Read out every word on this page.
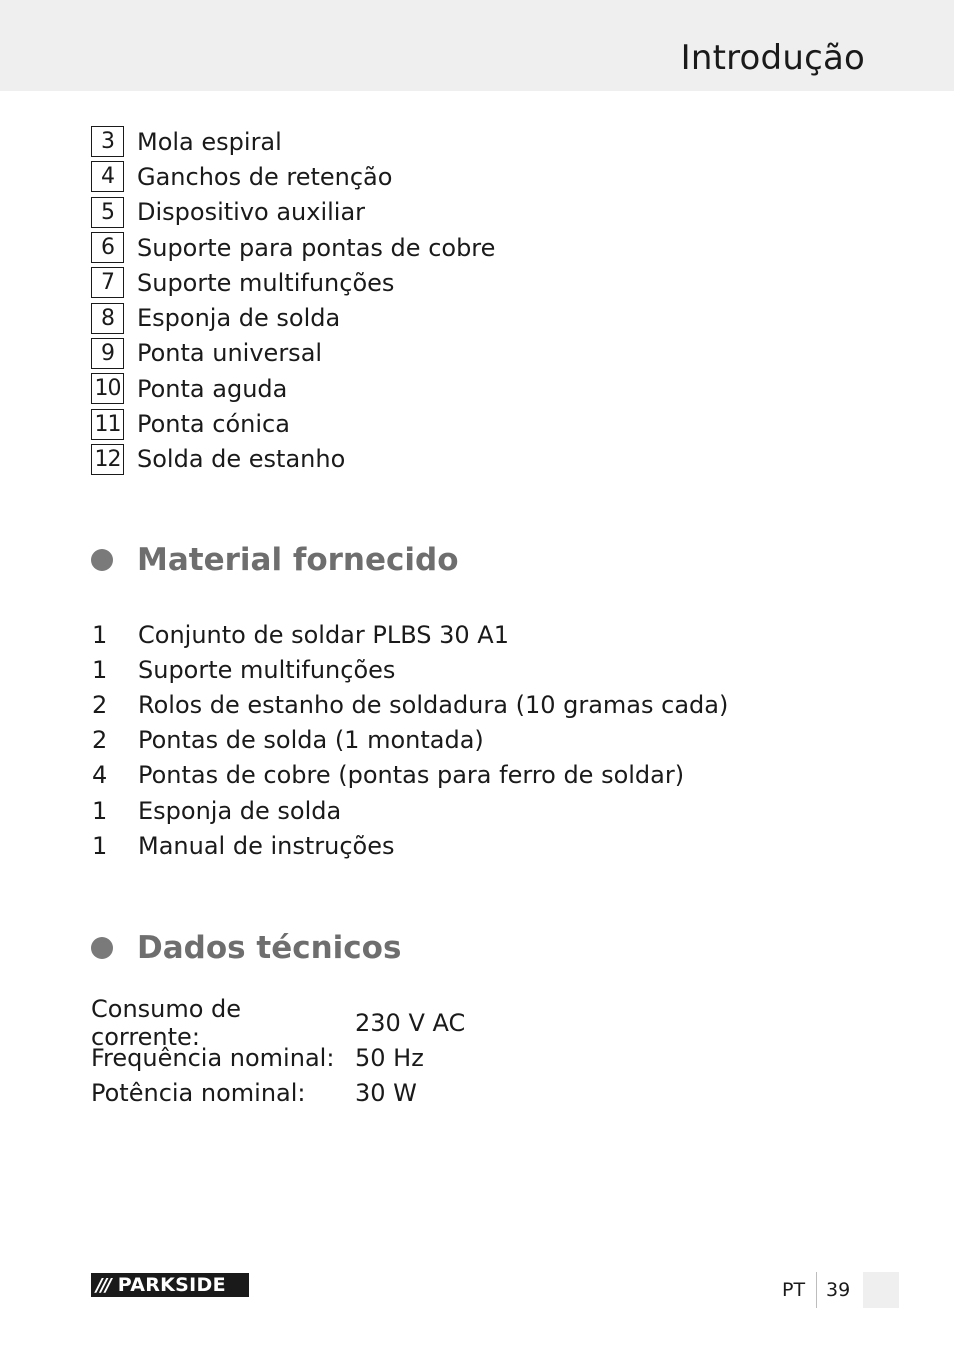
Introdução
3 Mola espiral
4 Ganchos de retenção
5 Dispositivo auxiliar
6 Suporte para pontas de cobre
7 Suporte multifunções
8 Esponja de solda
9 Ponta universal
10 Ponta aguda
11 Ponta cónica
12 Solda de estanho
Material fornecido
1	Conjunto de soldar PLBS 30 A1
1	Suporte multifunções
2	Rolos de estanho de soldadura (10 gramas cada)
2	Pontas de solda (1 montada)
4	Pontas de cobre (pontas para ferro de soldar)
1	Esponja de solda
1	Manual de instruções
Dados técnicos
Consumo de corrente:	230 V AC
Frequência nominal: 50 Hz
Potência nominal:	30 W
/// PARKSIDE	PT 39
